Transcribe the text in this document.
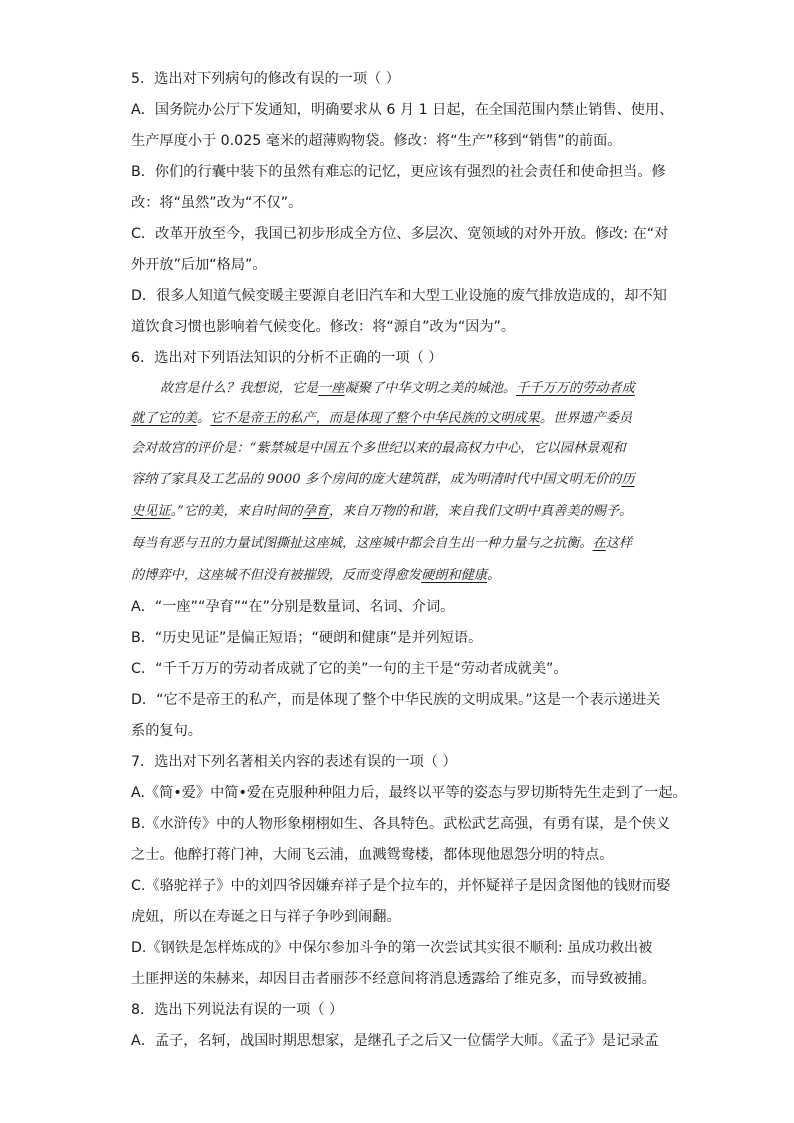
5．选出对下列病句的修改有误的一项（ ）
A．国务院办公厅下发通知，明确要求从 6 月 1 日起，在全国范围内禁止销售、使用、
生产厚度小于 0.025 毫米的超薄购物袋。修改：将“生产”移到“销售”的前面。
B．你们的行囊中装下的虽然有难忘的记忆，更应该有强烈的社会责任和使命担当。修
改：将“虽然”改为“不仅”。
C．改革开放至今，我国已初步形成全方位、多层次、宽领域的对外开放。修改: 在“对
外开放”后加“格局”。
D．很多人知道气候变暖主要源自老旧汽车和大型工业设施的废气排放造成的，却不知
道饮食习惯也影响着气候变化。修改：将“源自”改为“因为”。
6．选出对下列语法知识的分析不正确的一项（ ）
故宫是什么？我想说，它是一座凝聚了中华文明之美的城池。千千万万的劳动者成
就了它的美。它不是帝王的私产，而是体现了整个中华民族的文明成果。世界遗产委员
会对故宫的评价是：“紫禁城是中国五个多世纪以来的最高权力中心，它以园林景观和
容纳了家具及工艺品的 9000 多个房间的庞大建筑群，成为明清时代中国文明无价的历
史见证。”它的美，来自时间的孕育，来自万物的和谐，来自我们文明中真善美的赐予。
每当有恶与丑的力量试图撕扯这座城，这座城中都会自生出一种力量与之抗衡。在这样
的博弈中，这座城不但没有被摧毁，反而变得愈发硬朗和健康。
A．“一座”“孕育”“在”分别是数量词、名词、介词。
B．“历史见证”是偏正短语；“硬朗和健康”是并列短语。
C．“千千万万的劳动者成就了它的美”一句的主干是“劳动者成就美”。
D．“它不是帝王的私产，而是体现了整个中华民族的文明成果。”这是一个表示递进关
系的复句。
7．选出对下列名著相关内容的表述有误的一项（ ）
A.《简•爱》中简•爱在克服种种阻力后，最终以平等的姿态与罗切斯特先生走到了一起。
B.《水浒传》中的人物形象栩栩如生、各具特色。武松武艺高强，有勇有谋，是个侠义
之士。他醉打蒋门神，大闹飞云浦，血溅鸳鸯楼，都体现他恩怨分明的特点。
C.《骆驼祥子》中的刘四爷因嫌弃祥子是个拉车的，并怀疑祥子是因贪图他的钱财而娶
虎妞，所以在寿诞之日与祥子争吵到闹翻。
D.《钢铁是怎样炼成的》中保尔参加斗争的第一次尝试其实很不顺利: 虽成功救出被
土匪押送的朱赫来，却因目击者丽莎不经意间将消息透露给了维克多，而导致被捕。
8．选出下列说法有误的一项（ ）
A．孟子，名轲，战国时期思想家，是继孔子之后又一位儒学大师。《孟子》是记录孟
